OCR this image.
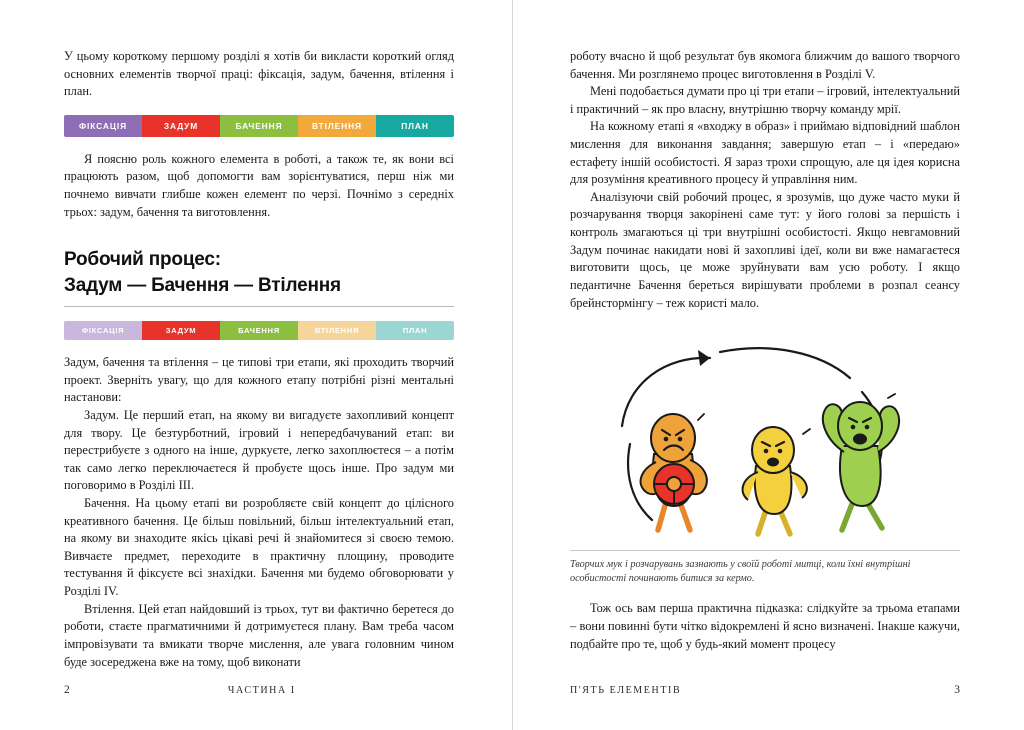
У цьому короткому першому розділі я хотів би викласти короткий огляд основних елементів творчої праці: фіксація, задум, бачення, втілення і план.

ФІКСАЦІЯ	ЗАДУМ	БАЧЕННЯ	ВТІЛЕННЯ	ПЛАН

Я поясню роль кожного елемента в роботі, а також те, як вони всі працюють разом, щоб допомогти вам зорієнтуватися, перш ніж ми почнемо вивчати глибше кожен елемент по черзі. Почнімо з середніх трьох: задум, бачення та виготовлення.

Робочий процес:
Задум — Бачення — Втілення
ФІКСАЦІЯ	ЗАДУМ	БАЧЕННЯ	ВТІЛЕННЯ	ПЛАН

Задум, бачення та втілення – це типові три етапи, які проходить творчий проект. Зверніть увагу, що для кожного етапу потрібні різні ментальні настанови:

Задум. Це перший етап, на якому ви вигадуєте захопливий концепт для твору. Це безтурботний, ігровий і непередбачуваний етап: ви перестрибуєте з одного на інше, дуркуєте, легко захоплюєтеся – а потім так само легко переключаєтеся й пробуєте щось інше. Про задум ми поговоримо в Розділі III.

Бачення. На цьому етапі ви розробляєте свій концепт до цілісного креативного бачення. Це більш повільний, більш інтелектуальний етап, на якому ви знаходите якісь цікаві речі й знайомитеся зі своєю темою. Вивчаєте предмет, переходите в практичну площину, проводите тестування й фіксуєте всі знахідки. Бачення ми будемо обговорювати у Розділі IV.

Втілення. Цей етап найдовший із трьох, тут ви фактично беретеся до роботи, стаєте прагматичними й дотримуєтеся плану. Вам треба часом імпровізувати та вмикати творче мислення, але увага головним чином буде зосереджена вже на тому, щоб виконати

2	ЧАСТИНА I

роботу вчасно й щоб результат був якомога ближчим до вашого творчого бачення. Ми розглянемо процес виготовлення в Розділі V.

Мені подобається думати про ці три етапи – ігровий, інтелектуальний і практичний – як про власну, внутрішню творчу команду мрії.

На кожному етапі я «входжу в образ» і приймаю відповідний шаблон мислення для виконання завдання; завершую етап – і «передаю» естафету іншій особистості. Я зараз трохи спрощую, але ця ідея корисна для розуміння креативного процесу й управління ним.

Аналізуючи свій робочий процес, я зрозумів, що дуже часто муки й розчарування творця закорінені саме тут: у його голові за першість і контроль змагаються ці три внутрішні особистості. Якщо невгамовний Задум починає накидати нові й захопливі ідеї, коли ви вже намагаєтеся виготовити щось, це може зруйнувати вам усю роботу. І якщо педантичне Бачення береться вирішувати проблеми в розпал сеансу брейнстормінгу – теж користі мало.

Творчих мук і розчарувань зазнають у своїй роботі митці, коли їхні внутрішні особистості починають битися за кермо.

Тож ось вам перша практична підказка: слідкуйте за трьома етапами – вони повинні бути чітко відокремлені й ясно визначені. Інакше кажучи, подбайте про те, щоб у будь-який момент процесу

П'ЯТЬ ЕЛЕМЕНТІВ	3
